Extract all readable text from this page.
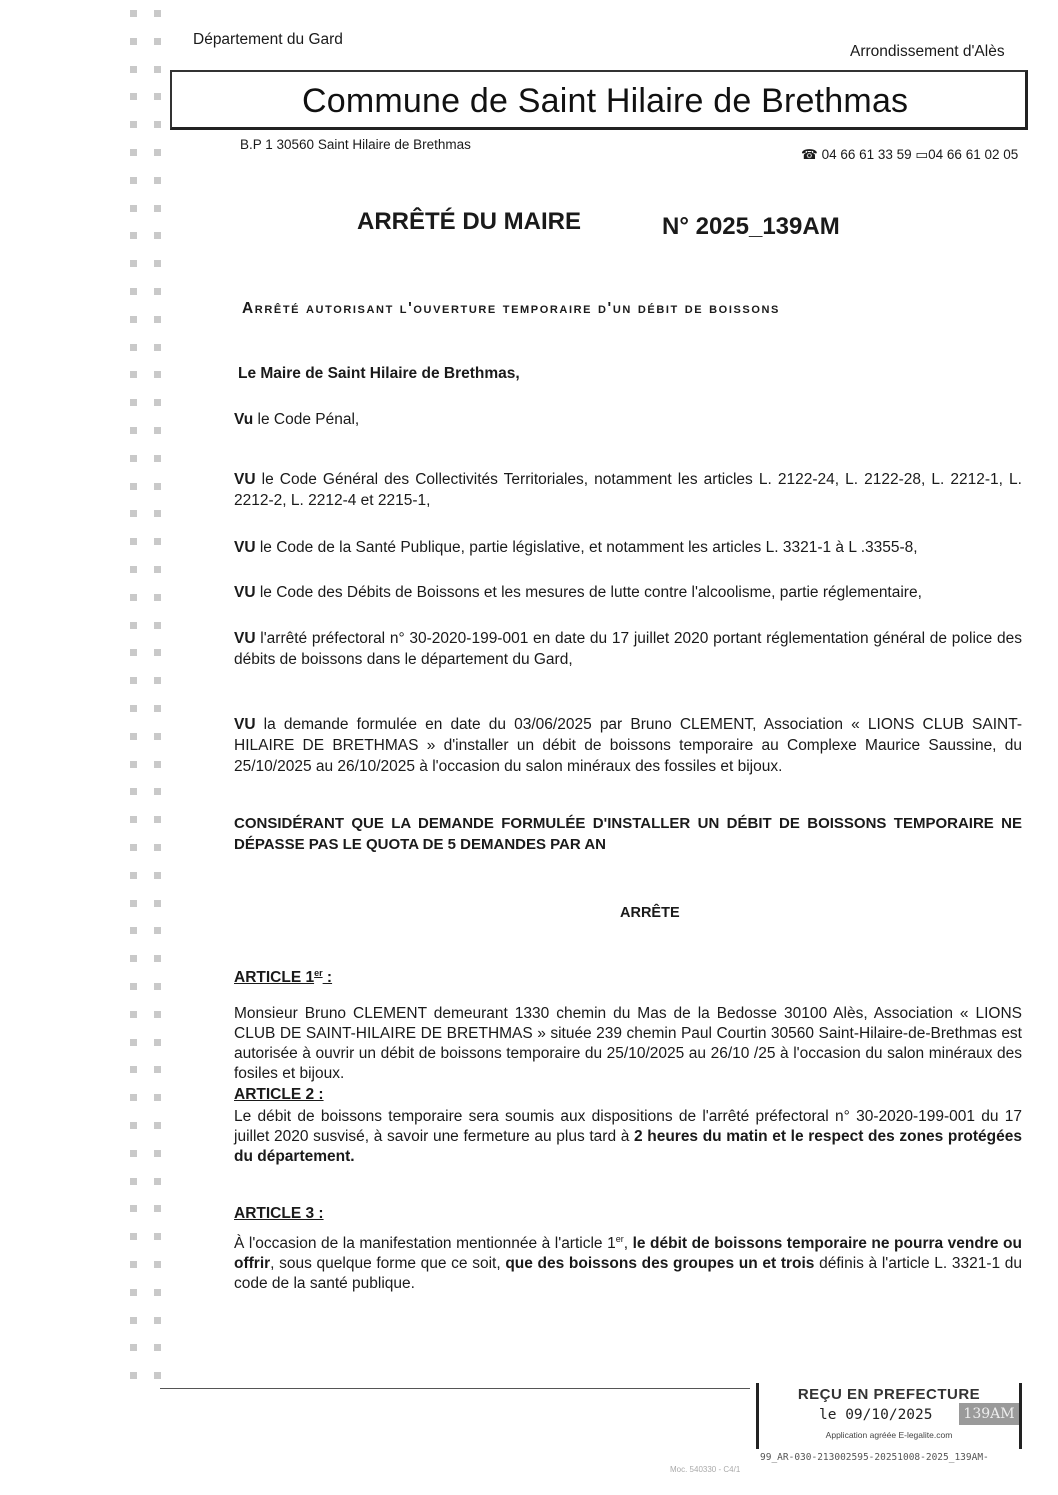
Département du Gard
Arrondissement d'Alès
Commune de Saint Hilaire de Brethmas
B.P 1 30560 Saint Hilaire de Brethmas
☎ 04 66 61 33 59 ▭04 66 61 02 05
ARRÊTÉ DU MAIRE	N° 2025_139AM
Arrêté autorisant l'ouverture temporaire d'un débit de boissons
Le Maire de Saint Hilaire de Brethmas,
Vu le Code Pénal,
VU le Code Général des Collectivités Territoriales, notamment les articles L. 2122-24, L. 2122-28, L. 2212-1, L. 2212-2, L. 2212-4 et 2215-1,
VU le Code de la Santé Publique, partie législative, et notamment les articles L. 3321-1 à L .3355-8,
VU le Code des Débits de Boissons et les mesures de lutte contre l'alcoolisme, partie réglementaire,
VU l'arrêté préfectoral n° 30-2020-199-001 en date du 17 juillet 2020 portant réglementation général de police des débits de boissons dans le département du Gard,
VU la demande formulée en date du 03/06/2025 par Bruno CLEMENT, Association « LIONS CLUB SAINT-HILAIRE DE BRETHMAS » d'installer un débit de boissons temporaire au Complexe Maurice Saussine, du 25/10/2025 au 26/10/2025 à l'occasion du salon minéraux des fossiles et bijoux.
CONSIDÉRANT QUE LA DEMANDE FORMULÉE D'INSTALLER UN DÉBIT DE BOISSONS TEMPORAIRE NE DÉPASSE PAS LE QUOTA DE 5 DEMANDES PAR AN
ARRÊTE
ARTICLE 1er :
Monsieur Bruno CLEMENT demeurant 1330 chemin du Mas de la Bedosse 30100 Alès, Association « LIONS CLUB DE SAINT-HILAIRE DE BRETHMAS » située 239 chemin Paul Courtin 30560 Saint-Hilaire-de-Brethmas est autorisée à ouvrir un débit de boissons temporaire du 25/10/2025 au 26/10 /25 à l'occasion du salon minéraux des fosiles et bijoux.
ARTICLE 2 :
Le débit de boissons temporaire sera soumis aux dispositions de l'arrêté préfectoral n° 30-2020-199-001 du 17 juillet 2020 susvisé, à savoir une fermeture au plus tard à 2 heures du matin et le respect des zones protégées du département.
ARTICLE 3 :
À l'occasion de la manifestation mentionnée à l'article 1er, le débit de boissons temporaire ne pourra vendre ou offrir, sous quelque forme que ce soit, que des boissons des groupes un et trois définis à l'article L. 3321-1 du code de la santé publique.
REÇU EN PREFECTURE
le 09/10/2025	139AM
Application agréée E-legalite.com
99_AR-030-213002595-20251008-2025_139AM-
Moc. 540330 - C4/1
